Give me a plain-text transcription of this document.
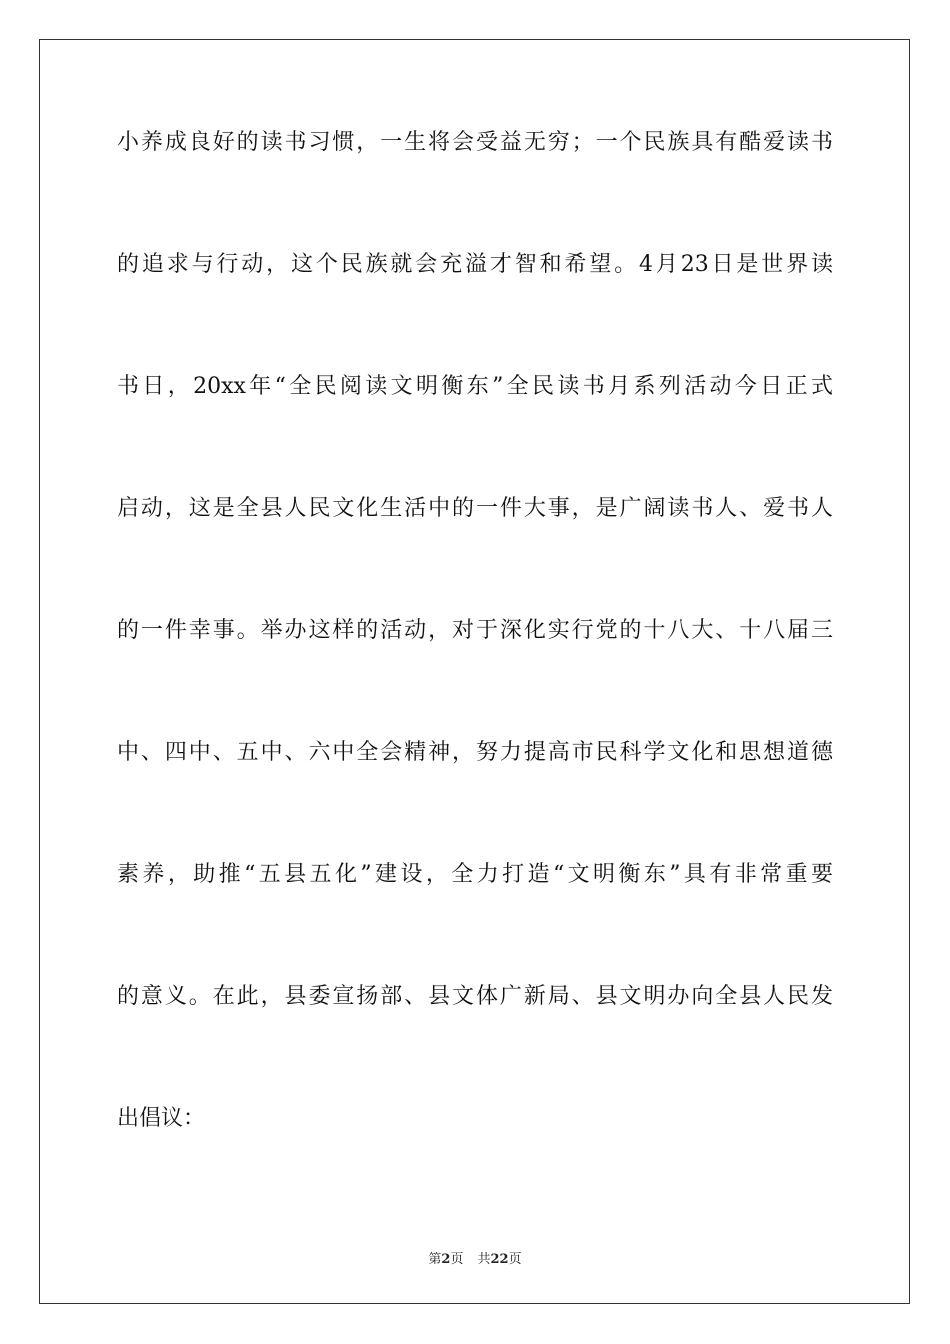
小养成良好的读书习惯，一生将会受益无穷；一个民族具有酷爱读书
的追求与行动，这个民族就会充溢才智和希望。4月23日是世界读
书日，20xx年“全民阅读文明衡东”全民读书月系列活动今日正式
启动，这是全县人民文化生活中的一件大事，是广阔读书人、爱书人
的一件幸事。举办这样的活动，对于深化实行党的十八大、十八届三
中、四中、五中、六中全会精神，努力提高市民科学文化和思想道德
素养，助推“五县五化”建设，全力打造“文明衡东”具有非常重要
的意义。在此，县委宣扬部、县文体广新局、县文明办向全县人民发
出倡议：
第2页 共22页
